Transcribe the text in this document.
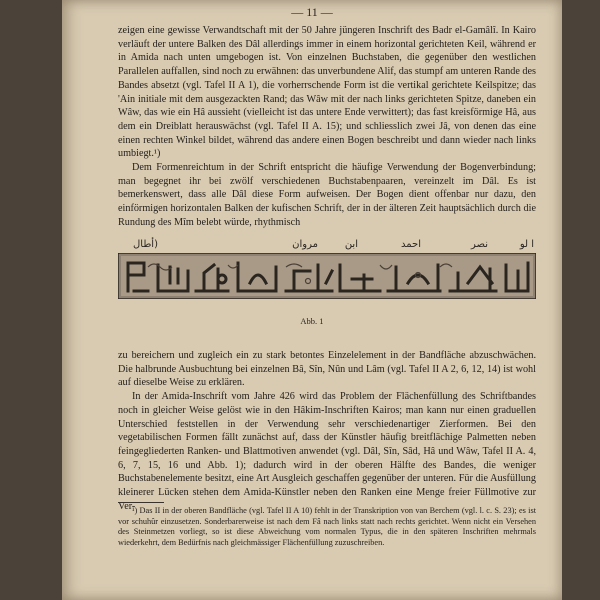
— 11 —

zeigen eine gewisse Verwandtschaft mit der 50 Jahre jüngeren Inschrift des Badr el-Gamâlî. In Kairo verläuft der untere Balken des Dâl allerdings immer in einem horizontal gerichteten Keil, während er in Amida nach unten umgebogen ist. Von einzelnen Buchstaben, die gegenüber den westlichen Parallelen auffallen, sind noch zu erwähnen: das unverbundene Alif, das stumpf am unteren Rande des Bandes absetzt (vgl. Tafel II A 1), die vorherrschende Form ist die vertikal gerichtete Keilspitze; das 'Ain initiale mit dem ausgezackten Rand; das Wâw mit der nach links gerichteten Spitze, daneben ein Wâw, das wie ein Hâ aussieht (vielleicht ist das untere Ende verwittert); das fast kreisförmige Hâ, aus dem ein Dreiblatt herauswächst (vgl. Tafel II A. 15); und schliesslich zwei Jâ, von denen das eine einen rechten Winkel bildet, während das andere einen Bogen beschreibt und dann wieder nach links umbiegt.¹)

Dem Formenreichtum in der Schrift entspricht die häufige Verwendung der Bogenverbindung; man begegnet ihr bei zwölf verschiedenen Buchstabenpaaren, vereinzelt im Dâl. Es ist bemerkenswert, dass alle Dâl diese Form aufweisen. Der Bogen dient offenbar nur dazu, den einförmigen horizontalen Balken der kufischen Schrift, der in der älteren Zeit hauptsächlich durch die Rundung des Mîm belebt würde, rhythmisch

ا لو
نصر
احمد
ابن
مروان
أطال)
Abb. 1

zu bereichern und zugleich ein zu stark betontes Einzelelement in der Bandfläche abzuschwächen. Die halbrunde Ausbuchtung bei einzelnen Bâ, Sîn, Nûn und Lâm (vgl. Tafel II A 2, 6, 12, 14) ist wohl auf dieselbe Weise zu erklären.

In der Amida-Inschrift vom Jahre 426 wird das Problem der Flächenfüllung des Schriftbandes noch in gleicher Weise gelöst wie in den Hâkim-Inschriften Kairos; man kann nur einen graduellen Unterschied feststellen in der Verwendung sehr verschiedenartiger Zierformen. Bei den vegetabilischen Formen fällt zunächst auf, dass der Künstler häufig breitflächige Palmetten neben feingegliederten Ranken- und Blattmotiven anwendet (vgl. Dâl, Sîn, Sâd, Hâ und Wâw, Tafel II A. 4, 6, 7, 15, 16 und Abb. 1); dadurch wird in der oberen Hälfte des Bandes, die weniger Buchstabenelemente besitzt, eine Art Ausgleich geschaffen gegenüber der unteren. Für die Ausfüllung kleinerer Lücken stehen dem Amida-Künstler neben den Ranken eine Menge freier Füllmotive zur Ver-

¹) Das II in der oberen Bandfläche (vgl. Tafel II A 10) fehlt in der Transkription von van Berchem (vgl. l. c. S. 23); es ist vor schuhûr einzusetzen. Sonderbarerweise ist nach dem Fâ nach links statt nach rechts gerichtet. Wenn nicht ein Versehen des Steinmetzen vorliegt, so ist diese Abweichung vom normalen Typus, die in den späteren Inschriften mehrmals wiederkehrt, dem Bedürfnis nach gleichmässiger Flächenfüllung zuzuschreiben.
